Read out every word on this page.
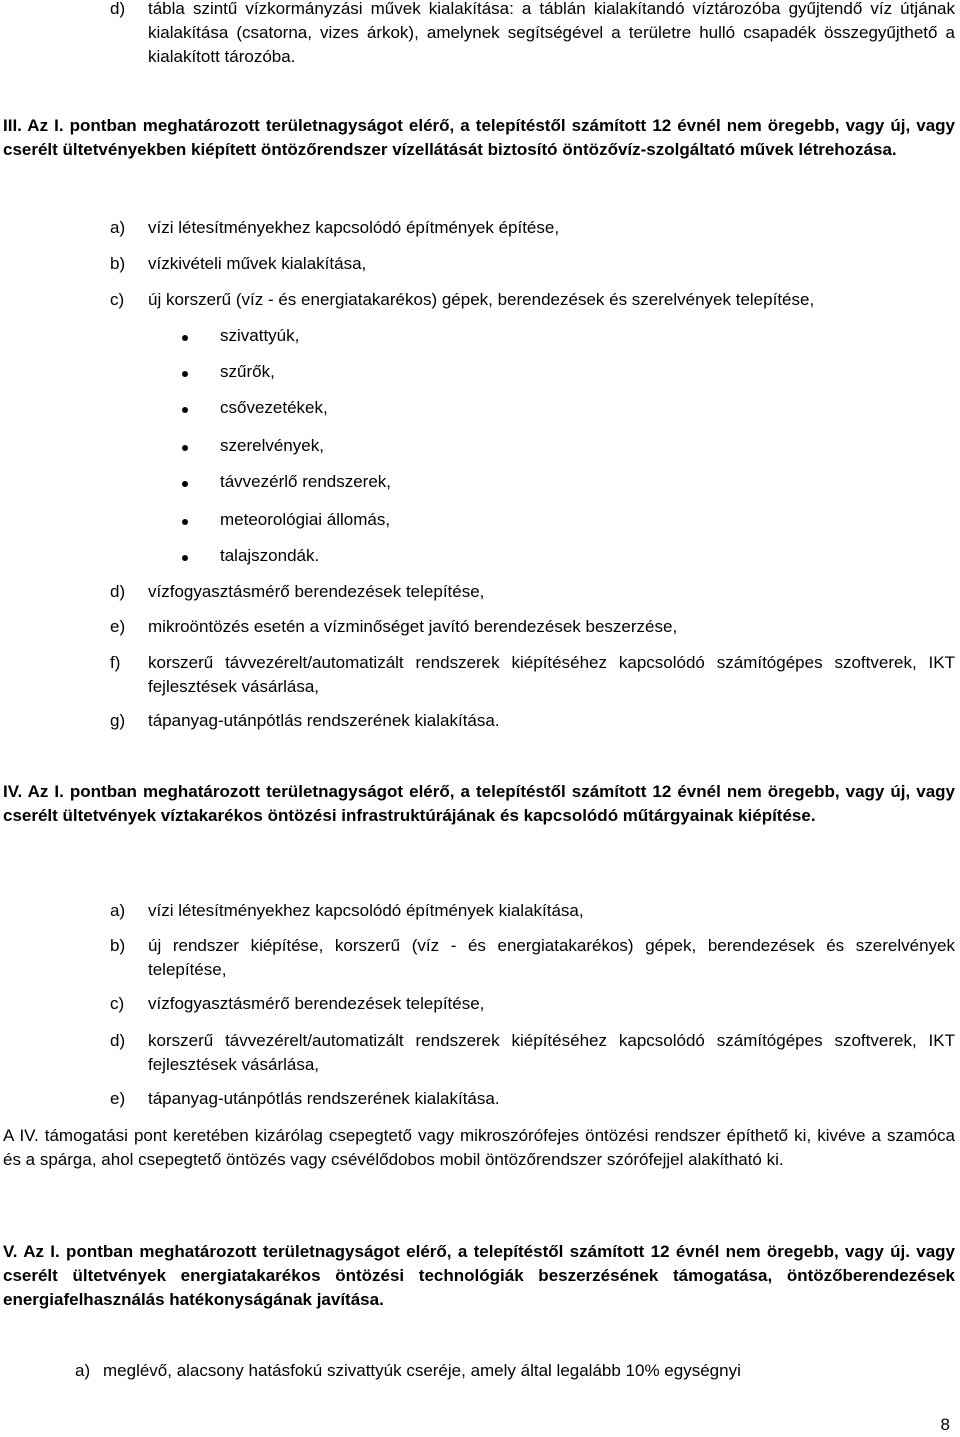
d) tábla szintű vízkormányzási művek kialakítása: a táblán kialakítandó víztározóba gyűjtendő víz útjának kialakítása (csatorna, vizes árkok), amelynek segítségével a területre hulló csapadék összegyűjthető a kialakított tározóba.
III. Az I. pontban meghatározott területnagyságot elérő, a telepítéstől számított 12 évnél nem öregebb, vagy új, vagy cserélt ültetvényekben kiépített öntözőrendszer vízellátását biztosító öntözővíz-szolgáltató művek létrehozása.
a) vízi létesítményekhez kapcsolódó építmények építése,
b) vízkivételi művek kialakítása,
c) új korszerű (víz - és energiatakarékos) gépek, berendezések és szerelvények telepítése,
szivattyúk,
szűrők,
csővezetékek,
szerelvények,
távvezérlő rendszerek,
meteorológiai állomás,
talajszondák.
d) vízfogyasztásmérő berendezések telepítése,
e) mikroöntözés esetén a vízminőséget javító berendezések beszerzése,
f) korszerű távvezérelt/automatizált rendszerek kiépítéséhez kapcsolódó számítógépes szoftverek, IKT fejlesztések vásárlása,
g) tápanyag-utánpótlás rendszerének kialakítása.
IV. Az I. pontban meghatározott területnagyságot elérő, a telepítéstől számított 12 évnél nem öregebb, vagy új, vagy cserélt ültetvények víztakarékos öntözési infrastruktúrájának és kapcsolódó műtárgyainak kiépítése.
a) vízi létesítményekhez kapcsolódó építmények kialakítása,
b) új rendszer kiépítése, korszerű (víz - és energiatakarékos) gépek, berendezések és szerelvények telepítése,
c) vízfogyasztásmérő berendezések telepítése,
d) korszerű távvezérelt/automatizált rendszerek kiépítéséhez kapcsolódó számítógépes szoftverek, IKT fejlesztések vásárlása,
e) tápanyag-utánpótlás rendszerének kialakítása.
A IV. támogatási pont keretében kizárólag csepegtető vagy mikroszórófejes öntözési rendszer építhető ki, kivéve a szamóca és a spárga, ahol csepegtető öntözés vagy csévélődobos mobil öntözőrendszer szórófejjel alakítható ki.
V. Az I. pontban meghatározott területnagyságot elérő, a telepítéstől számított 12 évnél nem öregebb, vagy új. vagy cserélt ültetvények energiatakarékos öntözési technológiák beszerzésének támogatása, öntözőberendezések energiafelhasználás hatékonyságának javítása.
a) meglévő, alacsony hatásfokú szivattyúk cseréje, amely által legalább 10% egységnyi
8
